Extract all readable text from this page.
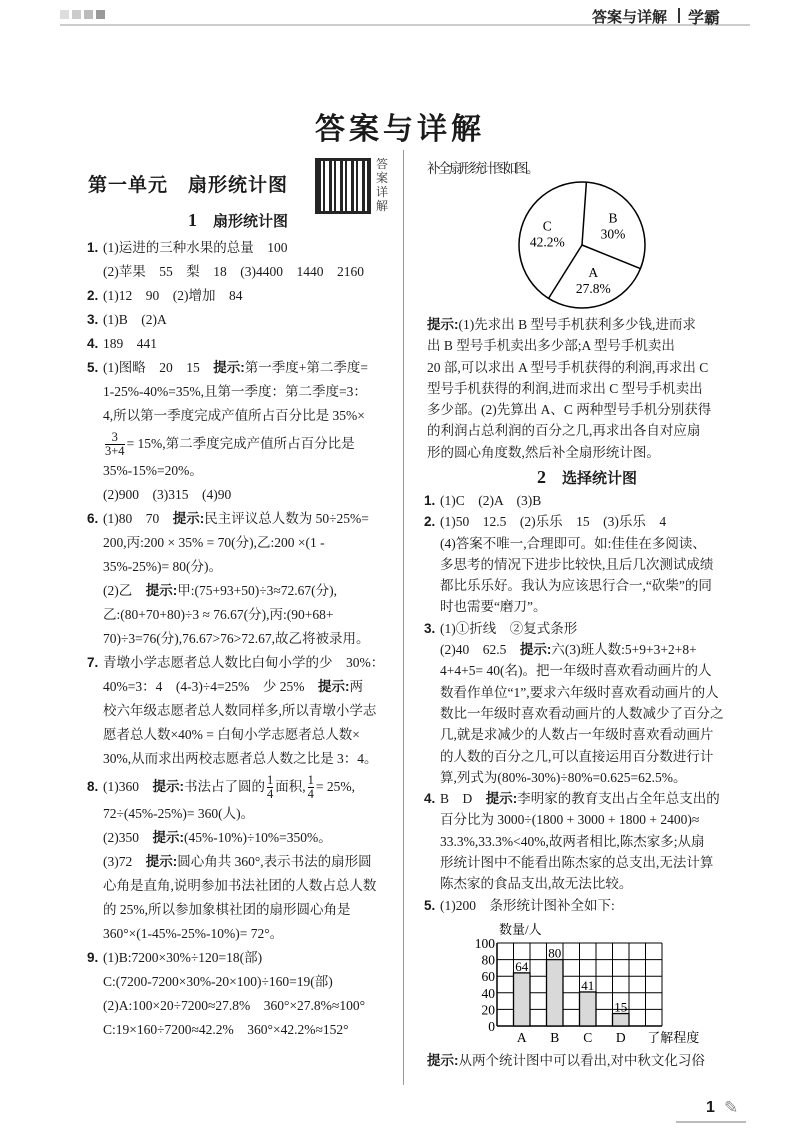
答案与详解 学霸
答案与详解
第一单元　扇形统计图
答案详解
1 扇形统计图
1. (1)运进的三种水果的总量　100
(2)苹果　55　梨　18　(3)4400　1440　2160
2. (1)12　90　(2)增加　84
3. (1)B　(2)A
4. 189　441
5. (1)图略　20　15　提示:第一季度+第二季度=
1-25%-40%=35%,且第一季度：第二季度=3：
4,所以第一季度完成产值所占百分比是 35%×
$\frac{3}{3+4} = 15\%$,第二季度完成产值所占百分比是
35%-15%=20%。
(2)900　(3)315　(4)90
6. (1)80　70　提示:民主评议总人数为 50÷25%=
200,丙:200 × 35% = 70(分),乙:200 ×(1 -
35%-25%)= 80(分)。
(2)乙　提示:甲:(75+93+50)÷3≈72.67(分),
乙:(80+70+80)÷3 ≈ 76.67(分),丙:(90+68+
70)÷3=76(分),76.67>76>72.67,故乙将被录用。
7. 青墩小学志愿者总人数比白甸小学的少　30%：
40%=3：4　(4-3)÷4=25%　少 25%　提示:两
校六年级志愿者总人数同样多,所以青墩小学志
愿者总人数×40% = 白甸小学志愿者总人数×
30%,从而求出两校志愿者总人数之比是 3：4。
8. (1)360　提示:书法占了圆的 $\frac{1}{4}$ 面积, $\frac{1}{4} = 25\%$,
72÷(45%-25%)= 360(人)。
(2)350　提示:(45%-10%)÷10%=350%。
(3)72　提示:圆心角共 360°,表示书法的扇形圆
心角是直角,说明参加书法社团的人数占总人数
的 25%,所以参加象棋社团的扇形圆心角是
360°×(1-45%-25%-10%)= 72°。
9. (1)B:7200×30%÷120=18(部)
C:(7200-7200×30%-20×100)÷160=19(部)
(2)A:100×20÷7200≈27.8%　360°×27.8%≈100°
C:19×160÷7200≈42.2%　360°×42.2%≈152°
补全扇形统计图如图。
B
30%
A
27.8%
C
42.2%
提示:(1)先求出 B 型号手机获利多少钱,进而求
出 B 型号手机卖出多少部;A 型号手机卖出
20 部,可以求出 A 型号手机获得的利润,再求出 C
型号手机获得的利润,进而求出 C 型号手机卖出
多少部。(2)先算出 A、C 两种型号手机分别获得
的利润占总利润的百分之几,再求出各自对应扇
形的圆心角度数,然后补全扇形统计图。
2 选择统计图
1. (1)C　(2)A　(3)B
2. (1)50　12.5　(2)乐乐　15　(3)乐乐　4
(4)答案不唯一,合理即可。如:佳佳在多阅读、
多思考的情况下进步比较快,且后几次测试成绩
都比乐乐好。我认为应该思行合一,“砍柴”的同
时也需要“磨刀”。
3. (1)①折线　②复式条形
(2)40　62.5　提示:六(3)班人数:5+9+3+2+8+
4+4+5= 40(名)。把一年级时喜欢看动画片的人
数看作单位“1”,要求六年级时喜欢看动画片的人
数比一年级时喜欢看动画片的人数减少了百分之
几,就是求减少的人数占一年级时喜欢看动画片
的人数的百分之几,可以直接运用百分数进行计
算,列式为(80%-30%)÷80%=0.625=62.5%。
4. B　D　提示:李明家的教育支出占全年总支出的
百分比为 3000÷(1800 + 3000 + 1800 + 2400)≈
33.3%,33.3%<40%,故两者相比,陈杰家多;从扇
形统计图中不能看出陈杰家的总支出,无法计算
陈杰家的食品支出,故无法比较。
5. (1)200　条形统计图补全如下:
0
20
40
60
80
100
数量/人
64
A
80
B
41
C
15
D 了解程度
提示:从两个统计图中可以看出,对中秋文化习俗
1 ✎
